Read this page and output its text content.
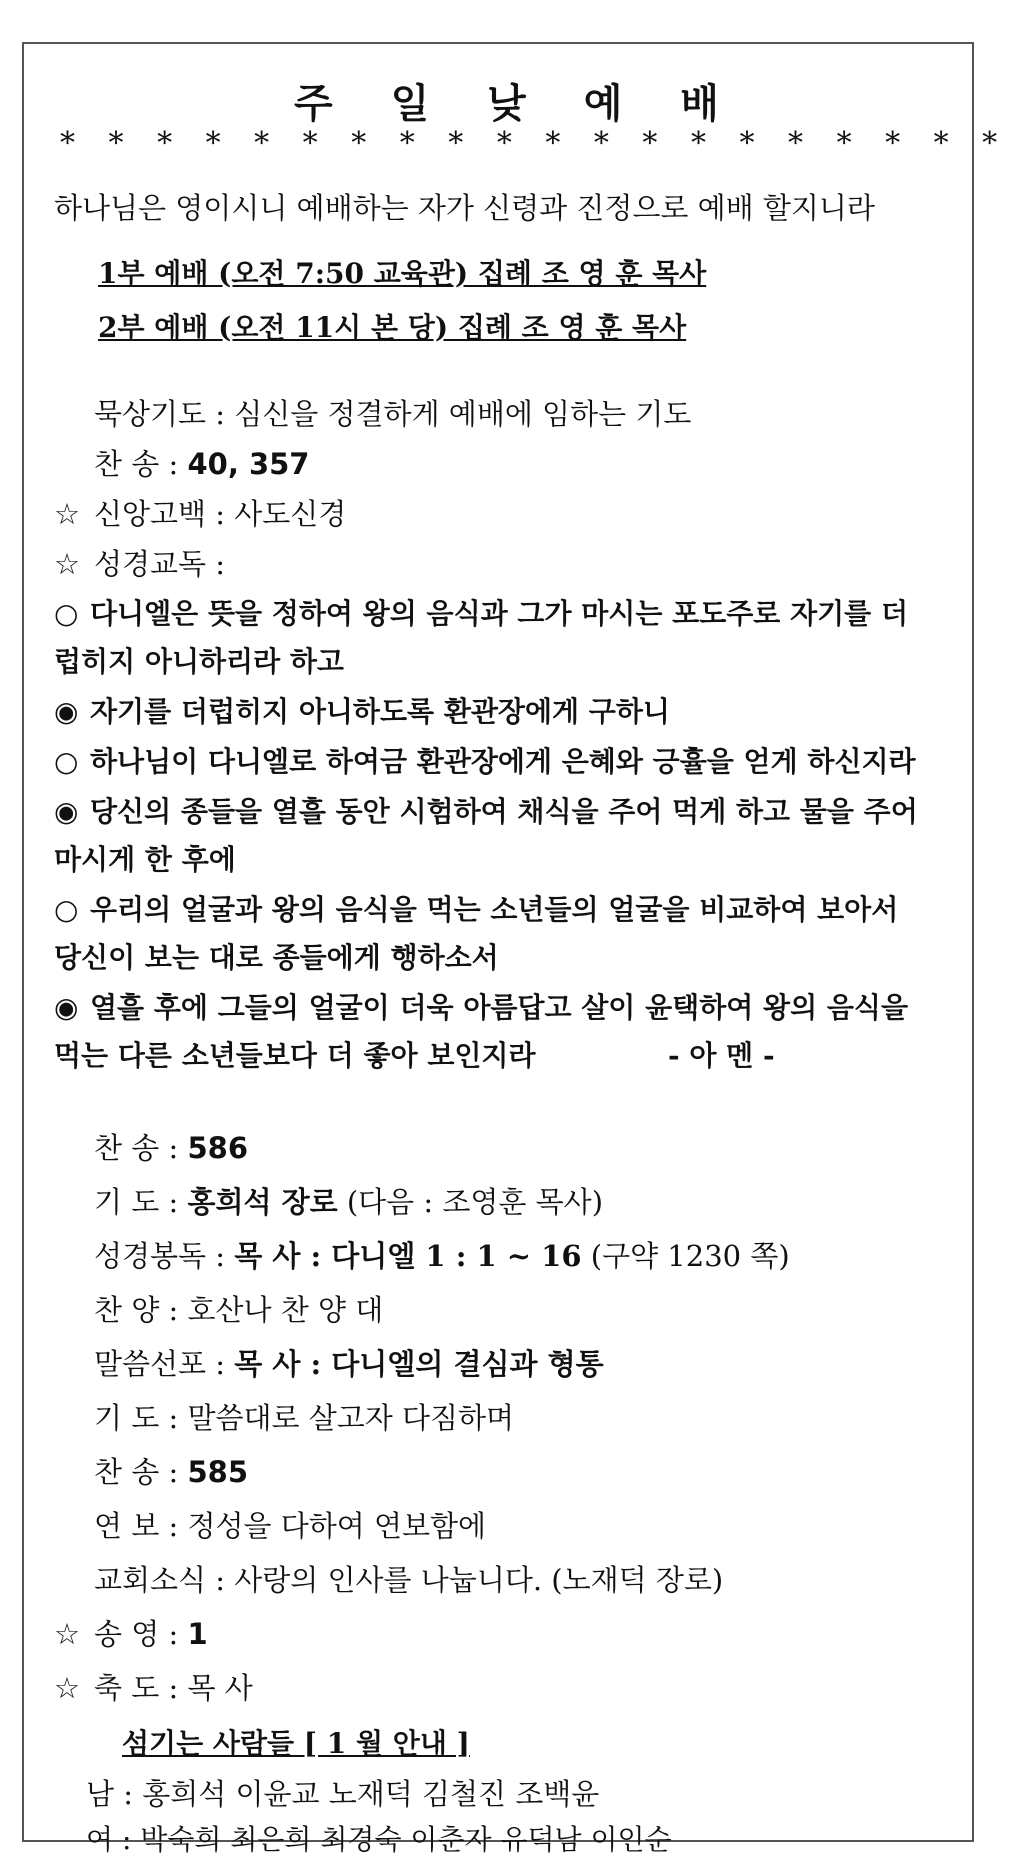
주 일 낮 예 배
* * * * * * * * * * * * * * * * * * * *
하나님은 영이시니 예배하는 자가 신령과 진정으로 예배 할지니라
1부 예배 (오전 7:50 교육관) 집례 조 영 훈 목사
2부 예배 (오전 11시 본 당) 집례 조 영 훈 목사
묵상기도 : 심신을 정결하게 예배에 임하는 기도
찬 송 : 40, 357
☆ 신앙고백 : 사도신경
☆ 성경교독 :
○ 다니엘은 뜻을 정하여 왕의 음식과 그가 마시는 포도주로 자기를 더
럽히지 아니하리라 하고
◉ 자기를 더럽히지 아니하도록 환관장에게 구하니
○ 하나님이 다니엘로 하여금 환관장에게 은혜와 긍휼을 얻게 하신지라
◉ 당신의 종들을 열흘 동안 시험하여 채식을 주어 먹게 하고 물을 주어
마시게 한 후에
○ 우리의 얼굴과 왕의 음식을 먹는 소년들의 얼굴을 비교하여 보아서
당신이 보는 대로 종들에게 행하소서
◉ 열흘 후에 그들의 얼굴이 더욱 아름답고 살이 윤택하여 왕의 음식을
먹는 다른 소년들보다 더 좋아 보인지라	- 아 멘 -
찬 송 : 586
기 도 : 홍희석 장로 (다음 : 조영훈 목사)
성경봉독 : 목 사 : 다니엘 1 : 1 ~ 16 (구약 1230 쪽)
찬 양 : 호산나 찬 양 대
말씀선포 : 목 사 : 다니엘의 결심과 형통
기 도 : 말씀대로 살고자 다짐하며
찬 송 : 585
연 보 : 정성을 다하여 연보함에
교회소식 : 사랑의 인사를 나눕니다. (노재덕 장로)
☆ 송 영 : 1
☆ 축 도 : 목 사
섬기는 사람들 [ 1 월 안내 ]
남 : 홍희석 이윤교 노재덕 김철진 조백윤
여 : 박숙희 최은희 최경숙 이춘자 유덕남 이인순
